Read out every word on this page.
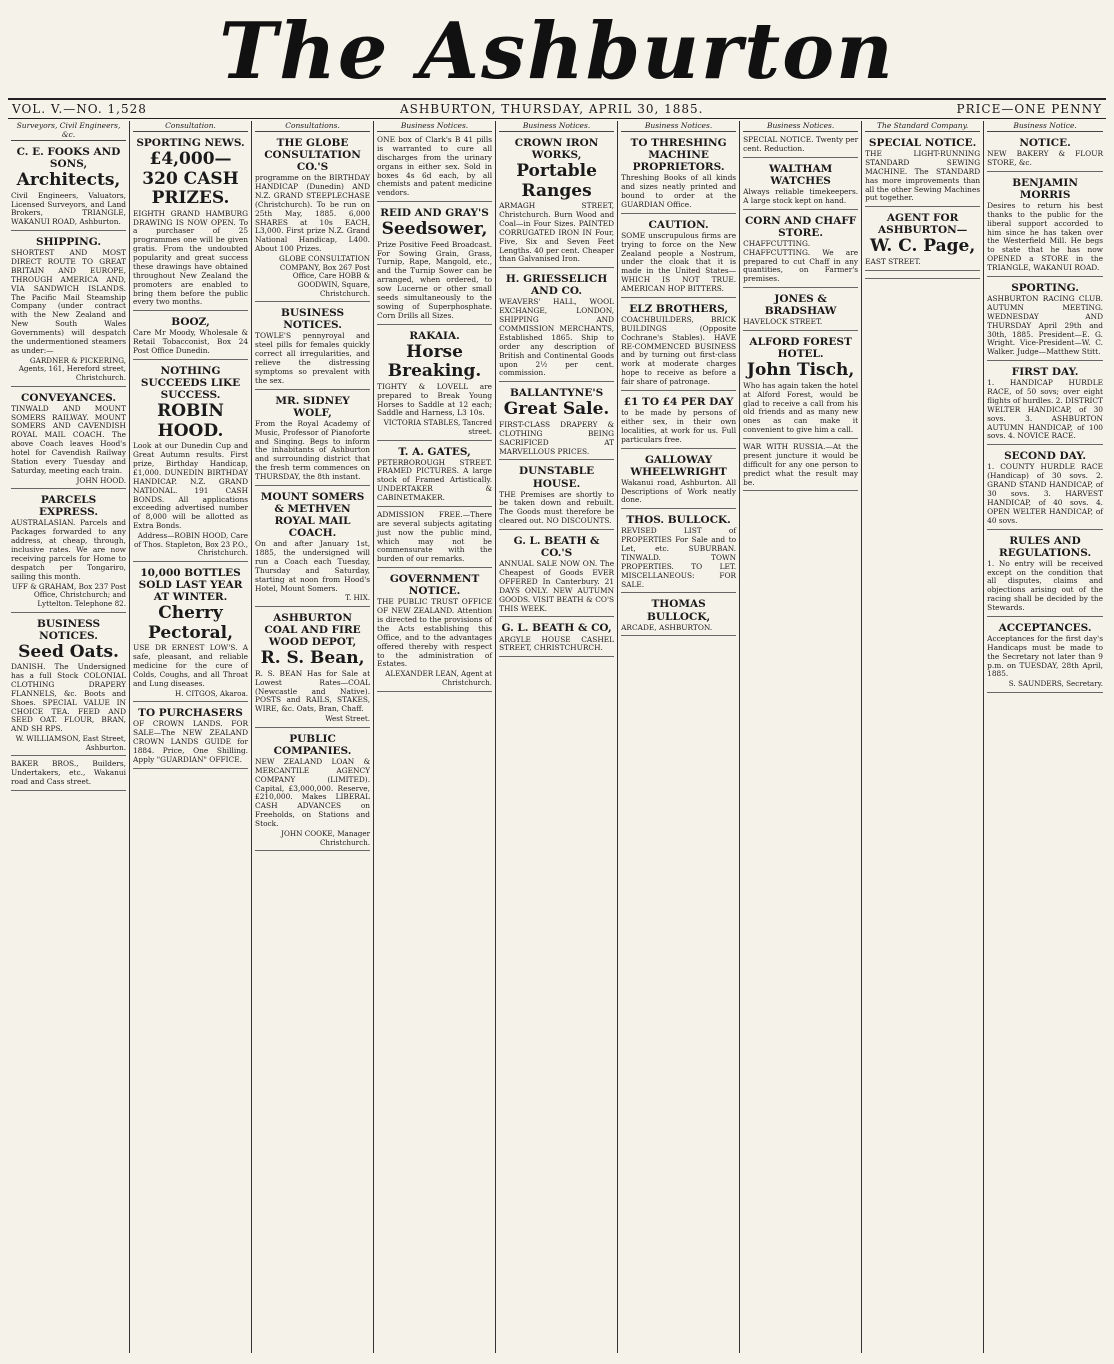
The Ashburton
VOL. V.—NO. 1,528	ASHBURTON, THURSDAY, APRIL 30, 1885.	PRICE—ONE PENNY
Surveyors, Civil Engineers, &c.
C. E. FOOKS AND SONS,
Architects,
Civil Engineers, Valuators, Licensed Surveyors, and Land Brokers, TRIANGLE, WAKANUI ROAD, Ashburton.
SHIPPING.
SHORTEST AND MOST DIRECT ROUTE TO GREAT BRITAIN AND EUROPE, THROUGH AMERICA AND, VIA SANDWICH ISLANDS. The Pacific Mail Steamship Company (under contract with the New Zealand and New South Wales Governments) will despatch the undermentioned steamers as under:—
GARDNER & PICKERING, Agents, 161, Hereford street, Christchurch.
CONVEYANCES.
TINWALD AND MOUNT SOMERS RAILWAY. MOUNT SOMERS AND CAVENDISH ROYAL MAIL COACH. The above Coach leaves Hood's hotel for Cavendish Railway Station every Tuesday and Saturday, meeting each train.
JOHN HOOD.
PARCELS EXPRESS.
AUSTRALASIAN. Parcels and Packages forwarded to any address, at cheap, through, inclusive rates. We are now receiving parcels for Home to despatch per Tongariro, sailing this month.
UFF & GRAHAM, Box 237 Post Office, Christchurch; and Lyttelton. Telephone 82.
BUSINESS NOTICES.
Seed Oats.
DANISH. The Undersigned has a full Stock COLONIAL CLOTHING DRAPERY FLANNELS, &c. Boots and Shoes. SPECIAL VALUE IN CHOICE TEA. FEED AND SEED OAT. FLOUR, BRAN, AND SH RPS.
W. WILLIAMSON, East Street, Ashburton.
BAKER BROS., Builders, Undertakers, etc., Wakanui road and Cass street.
Consultation.
SPORTING NEWS.
£4,000—320 CASH PRIZES.
EIGHTH GRAND HAMBURG DRAWING IS NOW OPEN. To a purchaser of 25 programmes one will be given gratis. From the undoubted popularity and great success these drawings have obtained throughout New Zealand the promoters are enabled to bring them before the public every two months.
BOOZ,
Care Mr Moody, Wholesale & Retail Tobacconist, Box 24 Post Office Dunedin.
NOTHING SUCCEEDS LIKE SUCCESS.
ROBIN HOOD.
Look at our Dunedin Cup and Great Autumn results. First prize, Birthday Handicap, £1,000. DUNEDIN BIRTHDAY HANDICAP. N.Z. GRAND NATIONAL. 191 CASH BONDS. All applications exceeding advertised number of 8,000 will be allotted as Extra Bonds.
Address—ROBIN HOOD, Care of Thos. Stapleton, Box 23 P.O., Christchurch.
10,000 BOTTLES SOLD LAST YEAR AT WINTER.
Cherry Pectoral,
USE DR ERNEST LOW'S. A safe, pleasant, and reliable medicine for the cure of Colds, Coughs, and all Throat and Lung diseases.
H. CITGOS, Akaroa.
TO PURCHASERS
OF CROWN LANDS. FOR SALE—The NEW ZEALAND CROWN LANDS GUIDE for 1884. Price, One Shilling. Apply "GUARDIAN" OFFICE.
Consultations.
THE GLOBE CONSULTATION CO.'S
programme on the BIRTHDAY HANDICAP (Dunedin) AND N.Z. GRAND STEEPLECHASE (Christchurch). To be run on 25th May, 1885. 6,000 SHARES at 10s EACH, L3,000. First prize N.Z. Grand National Handicap, L400. About 100 Prizes.
GLOBE CONSULTATION COMPANY, Box 267 Post Office, Care HOBB & GOODWIN, Square, Christchurch.
BUSINESS NOTICES.
TOWLE'S pennyroyal and steel pills for females quickly correct all irregularities, and relieve the distressing symptoms so prevalent with the sex.
MR. SIDNEY WOLF,
From the Royal Academy of Music, Professor of Pianoforte and Singing. Begs to inform the inhabitants of Ashburton and surrounding district that the fresh term commences on THURSDAY, the 8th instant.
MOUNT SOMERS & METHVEN ROYAL MAIL COACH.
On and after January 1st, 1885, the undersigned will run a Coach each Tuesday, Thursday and Saturday, starting at noon from Hood's Hotel, Mount Somers.
T. HIX.
ASHBURTON COAL AND FIRE WOOD DEPOT,
R. S. Bean,
R. S. BEAN Has for Sale at Lowest Rates—COAL (Newcastle and Native). POSTS and RAILS, STAKES, WIRE, &c. Oats, Bran, Chaff.
West Street.
PUBLIC COMPANIES.
NEW ZEALAND LOAN & MERCANTILE AGENCY COMPANY (LIMITED). Capital, £3,000,000. Reserve, £210,000. Makes LIBERAL CASH ADVANCES on Freeholds, on Stations and Stock.
JOHN COOKE, Manager Christchurch.
Business Notices.
ONE box of Clark's B 41 pills is warranted to cure all discharges from the urinary organs in either sex. Sold in boxes 4s 6d each, by all chemists and patent medicine vendors.
REID AND GRAY'S
Seedsower,
Prize Positive Feed Broadcast. For Sowing Grain, Grass, Turnip, Rape, Mangold, etc., and the Turnip Sower can be arranged, when ordered, to sow Lucerne or other small seeds simultaneously to the sowing of Superphosphate. Corn Drills all Sizes.
RAKAIA.
Horse Breaking.
TIGHTY & LOVELL are prepared to Break Young Horses to Saddle at 12 each; Saddle and Harness, L3 10s.
VICTORIA STABLES, Tancred street.
T. A. GATES,
PETERBOROUGH STREET. FRAMED PICTURES. A large stock of Framed Artistically. UNDERTAKER & CABINETMAKER.
ADMISSION FREE.—There are several subjects agitating just now the public mind, which may not be commensurate with the burden of our remarks.
GOVERNMENT NOTICE.
THE PUBLIC TRUST OFFICE OF NEW ZEALAND. Attention is directed to the provisions of the Acts establishing this Office, and to the advantages offered thereby with respect to the administration of Estates.
ALEXANDER LEAN, Agent at Christchurch.
Business Notices.
CROWN IRON WORKS,
Portable Ranges
ARMAGH STREET, Christchurch. Burn Wood and Coal—in Four Sizes. PAINTED CORRUGATED IRON IN Four, Five, Six and Seven Feet Lengths. 40 per cent. Cheaper than Galvanised Iron.
H. GRIESSELICH AND CO.
WEAVERS' HALL, WOOL EXCHANGE, LONDON, SHIPPING AND COMMISSION MERCHANTS, Established 1865. Ship to order any description of British and Continental Goods upon 2½ per cent. commission.
BALLANTYNE'S
Great Sale.
FIRST-CLASS DRAPERY & CLOTHING BEING SACRIFICED AT MARVELLOUS PRICES.
DUNSTABLE HOUSE.
THE Premises are shortly to be taken down and rebuilt. The Goods must therefore be cleared out. NO DISCOUNTS.
G. L. BEATH & CO.'S
ANNUAL SALE NOW ON. The Cheapest of Goods EVER OFFERED In Canterbury. 21 DAYS ONLY. NEW AUTUMN GOODS. VISIT BEATH & CO'S THIS WEEK.
G. L. BEATH & CO,
ARGYLE HOUSE CASHEL STREET, CHRISTCHURCH.
Business Notices.
TO THRESHING MACHINE PROPRIETORS.
Threshing Books of all kinds and sizes neatly printed and bound to order at the GUARDIAN Office.
CAUTION.
SOME unscrupulous firms are trying to force on the New Zealand people a Nostrum, under the cloak that it is made in the United States—WHICH IS NOT TRUE. AMERICAN HOP BITTERS.
ELZ BROTHERS,
COACHBUILDERS, BRICK BUILDINGS (Opposite Cochrane's Stables). HAVE RE-COMMENCED BUSINESS and by turning out first-class work at moderate charges hope to receive as before a fair share of patronage.
£1 TO £4 PER DAY
to be made by persons of either sex, in their own localities, at work for us. Full particulars free.
GALLOWAY WHEELWRIGHT
Wakanui road, Ashburton. All Descriptions of Work neatly done.
THOS. BULLOCK.
REVISED LIST of PROPERTIES For Sale and to Let, etc. SUBURBAN. TINWALD. TOWN PROPERTIES. TO LET. MISCELLANEOUS: FOR SALE.
THOMAS BULLOCK,
ARCADE, ASHBURTON.
Business Notices.
SPECIAL NOTICE. Twenty per cent. Reduction.
WALTHAM WATCHES
Always reliable timekeepers. A large stock kept on hand.
CORN AND CHAFF STORE.
CHAFFCUTTING. CHAFFCUTTING. We are prepared to cut Chaff in any quantities, on Farmer's premises.
JONES & BRADSHAW
HAVELOCK STREET.
ALFORD FOREST HOTEL.
John Tisch,
Who has again taken the hotel at Alford Forest, would be glad to receive a call from his old friends and as many new ones as can make it convenient to give him a call.
WAR WITH RUSSIA.—At the present juncture it would be difficult for any one person to predict what the result may be.
The Standard Company.
SPECIAL NOTICE.
THE LIGHT-RUNNING STANDARD SEWING MACHINE. The STANDARD has more improvements than all the other Sewing Machines put together.
AGENT FOR ASHBURTON—
W. C. Page,
EAST STREET.
Business Notice.
NOTICE.
NEW BAKERY & FLOUR STORE, &c.
BENJAMIN MORRIS
Desires to return his best thanks to the public for the liberal support accorded to him since he has taken over the Westerfield Mill. He begs to state that he has now OPENED a STORE in the TRIANGLE, WAKANUI ROAD.
SPORTING.
ASHBURTON RACING CLUB. AUTUMN MEETING. WEDNESDAY AND THURSDAY April 29th and 30th, 1885. President—E. G. Wright. Vice-President—W. C. Walker. Judge—Matthew Stitt.
FIRST DAY.
1. HANDICAP HURDLE RACE, of 50 sovs; over eight flights of hurdles. 2. DISTRICT WELTER HANDICAP, of 30 sovs. 3. ASHBURTON AUTUMN HANDICAP, of 100 sovs. 4. NOVICE RACE.
SECOND DAY.
1. COUNTY HURDLE RACE (Handicap) of 30 sovs. 2. GRAND STAND HANDICAP, of 30 sovs. 3. HARVEST HANDICAP, of 40 sovs. 4. OPEN WELTER HANDICAP, of 40 sovs.
RULES AND REGULATIONS.
1. No entry will be received except on the condition that all disputes, claims and objections arising out of the racing shall be decided by the Stewards.
ACCEPTANCES.
Acceptances for the first day's Handicaps must be made to the Secretary not later than 9 p.m. on TUESDAY, 28th April, 1885.
S. SAUNDERS, Secretary.
